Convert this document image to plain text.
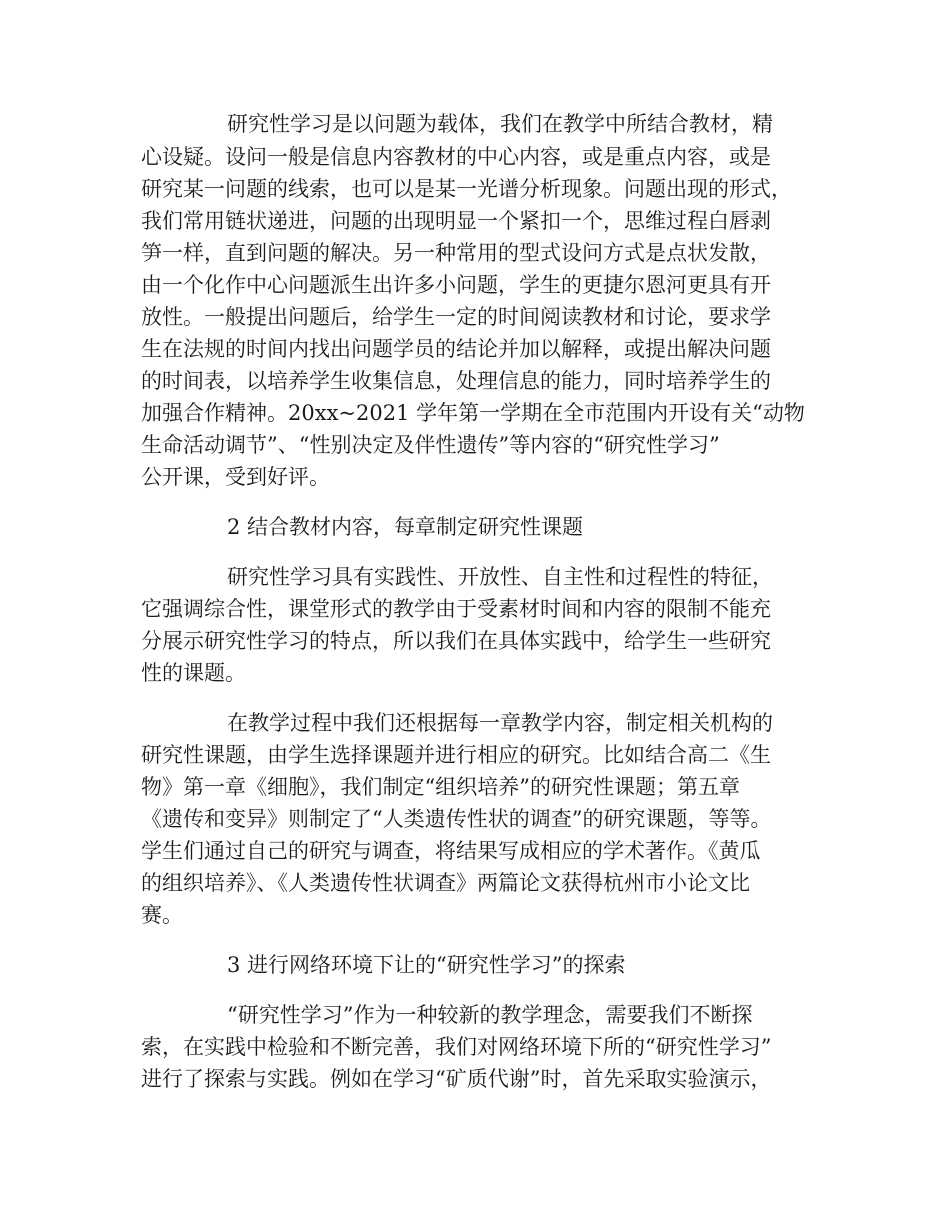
研究性学习是以问题为载体，我们在教学中所结合教材，精
心设疑。设问一般是信息内容教材的中心内容，或是重点内容，或是
研究某一问题的线索，也可以是某一光谱分析现象。问题出现的形式，
我们常用链状递进，问题的出现明显一个紧扣一个，思维过程白唇剥
笋一样，直到问题的解决。另一种常用的型式设问方式是点状发散，
由一个化作中心问题派生出许多小问题，学生的更捷尔恩河更具有开
放性。一般提出问题后，给学生一定的时间阅读教材和讨论，要求学
生在法规的时间内找出问题学员的结论并加以解释，或提出解决问题
的时间表，以培养学生收集信息，处理信息的能力，同时培养学生的
加强合作精神。20xx~2021 学年第一学期在全市范围内开设有关“动物
生命活动调节”、“性别决定及伴性遗传”等内容的“研究性学习”
公开课，受到好评。
2 结合教材内容，每章制定研究性课题
研究性学习具有实践性、开放性、自主性和过程性的特征，
它强调综合性，课堂形式的教学由于受素材时间和内容的限制不能充
分展示研究性学习的特点，所以我们在具体实践中，给学生一些研究
性的课题。
在教学过程中我们还根据每一章教学内容，制定相关机构的
研究性课题，由学生选择课题并进行相应的研究。比如结合高二《生
物》第一章《细胞》，我们制定“组织培养”的研究性课题；第五章
《遗传和变异》则制定了“人类遗传性状的调查”的研究课题，等等。
学生们通过自己的研究与调查，将结果写成相应的学术著作。《黄瓜
的组织培养》、《人类遗传性状调查》两篇论文获得杭州市小论文比
赛。
3 进行网络环境下让的“研究性学习”的探索
“研究性学习”作为一种较新的教学理念，需要我们不断探
索，在实践中检验和不断完善，我们对网络环境下所的“研究性学习”
进行了探索与实践。例如在学习“矿质代谢”时，首先采取实验演示，
